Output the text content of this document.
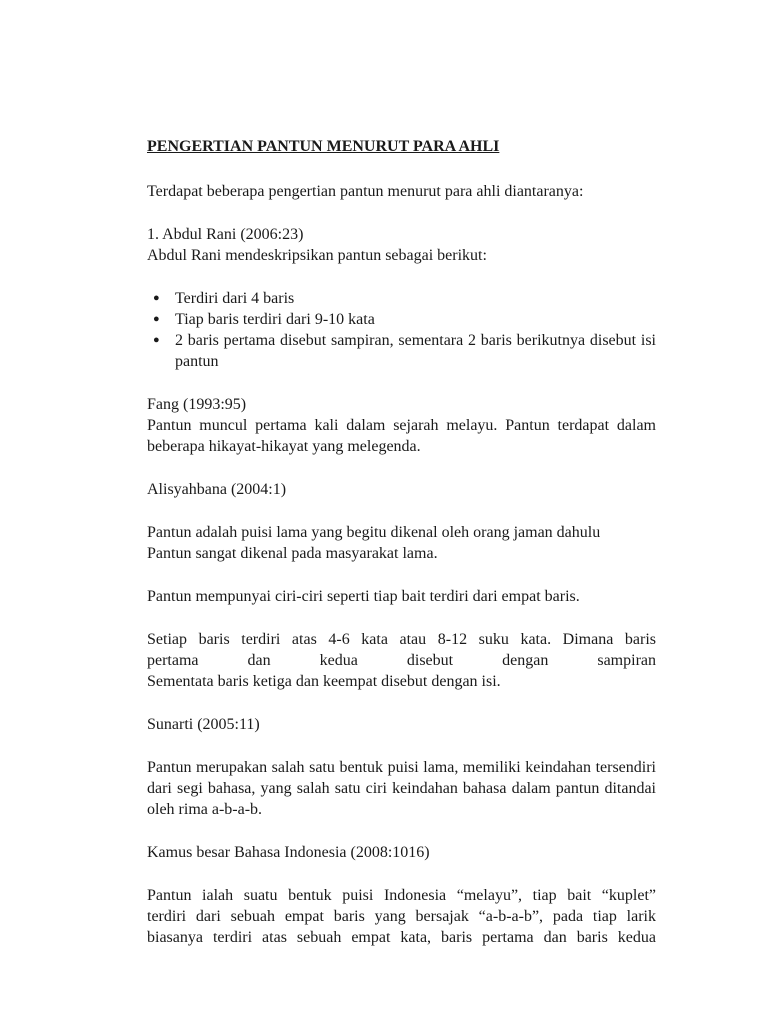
PENGERTIAN PANTUN MENURUT PARA AHLI

Terdapat beberapa pengertian pantun menurut para ahli diantaranya:

1. Abdul Rani (2006:23)

Abdul Rani mendeskripsikan pantun sebagai berikut:

● Terdiri dari 4 baris
● Tiap baris terdiri dari 9-10 kata
● 2 baris pertama disebut sampiran, sementara 2 baris berikutnya disebut isi pantun

Fang (1993:95)

Pantun muncul pertama kali dalam sejarah melayu. Pantun terdapat dalam beberapa hikayat-hikayat yang melegenda.

Alisyahbana (2004:1)

Pantun adalah puisi lama yang begitu dikenal oleh orang jaman dahulu

Pantun sangat dikenal pada masyarakat lama.

Pantun mempunyai ciri-ciri seperti tiap bait terdiri dari empat baris.

Setiap baris terdiri atas 4-6 kata atau 8-12 suku kata. Dimana baris

pertama dan kedua disebut dengan sampiran

Sementata baris ketiga dan keempat disebut dengan isi.

Sunarti (2005:11)

Pantun merupakan salah satu bentuk puisi lama, memiliki keindahan tersendiri dari segi bahasa, yang salah satu ciri keindahan bahasa dalam pantun ditandai oleh rima a-b-a-b.

Kamus besar Bahasa Indonesia (2008:1016)

Pantun ialah suatu bentuk puisi Indonesia “melayu”, tiap bait “kuplet”

terdiri dari sebuah empat baris yang bersajak “a-b-a-b”, pada tiap larik

biasanya terdiri atas sebuah empat kata, baris pertama dan baris kedua
